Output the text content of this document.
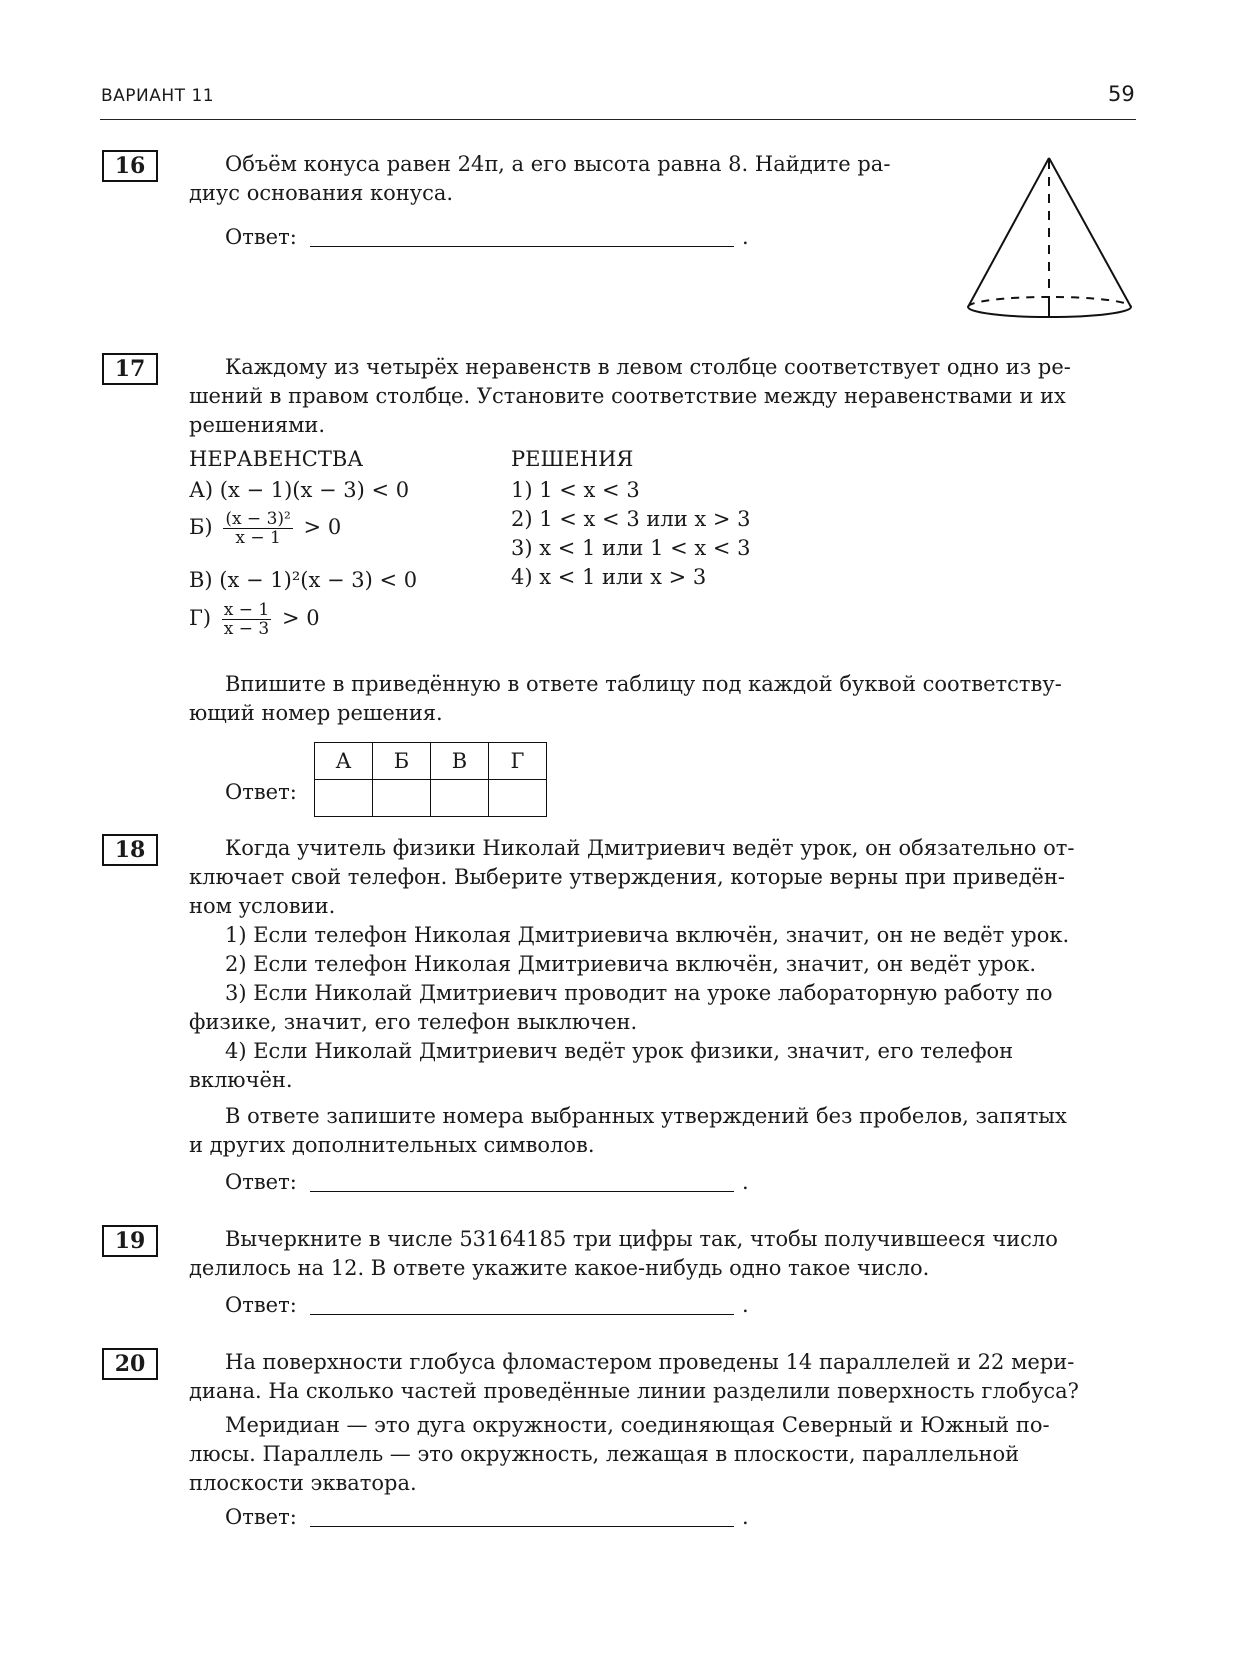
ВАРИАНТ 11	59
16	Объём конуса равен 24π, а его высота равна 8. Найдите ра-
диус основания конуса.
Ответ:	.
17	Каждому из четырёх неравенств в левом столбце соответствует одно из ре-
шений в правом столбце. Установите соответствие между неравенствами и их
решениями.
НЕРАВЕНСТВА	РЕШЕНИЯ
А) (x − 1)(x − 3) < 0
$Б) \frac{\text{(x − 3)²}}{x - 1} > 0$
В) (x − 1)²(x − 3) < 0
$Г) \frac{x - 1}{x - 3} > 0$
1) 1 < x < 3
2) 1 < x < 3 или x > 3
3) x < 1 или 1 < x < 3
4) x < 1 или x > 3
Впишите в приведённую в ответе таблицу под каждой буквой соответству-
ющий номер решения.
Ответ:
А	Б	В	Г

18	Когда учитель физики Николай Дмитриевич ведёт урок, он обязательно от-
ключает свой телефон. Выберите утверждения, которые верны при приведён-
ном условии.
1) Если телефон Николая Дмитриевича включён, значит, он не ведёт урок.
2) Если телефон Николая Дмитриевича включён, значит, он ведёт урок.
3) Если Николай Дмитриевич проводит на уроке лабораторную работу по
физике, значит, его телефон выключен.
4) Если Николай Дмитриевич ведёт урок физики, значит, его телефон
включён.
В ответе запишите номера выбранных утверждений без пробелов, запятых
и других дополнительных символов.
Ответ:	.
19	Вычеркните в числе 53164185 три цифры так, чтобы получившееся число
делилось на 12. В ответе укажите какое-нибудь одно такое число.
Ответ:	.
20	На поверхности глобуса фломастером проведены 14 параллелей и 22 мери-
диана. На сколько частей проведённые линии разделили поверхность глобуса?
Меридиан — это дуга окружности, соединяющая Северный и Южный по-
люсы. Параллель — это окружность, лежащая в плоскости, параллельной
плоскости экватора.
Ответ:	.
